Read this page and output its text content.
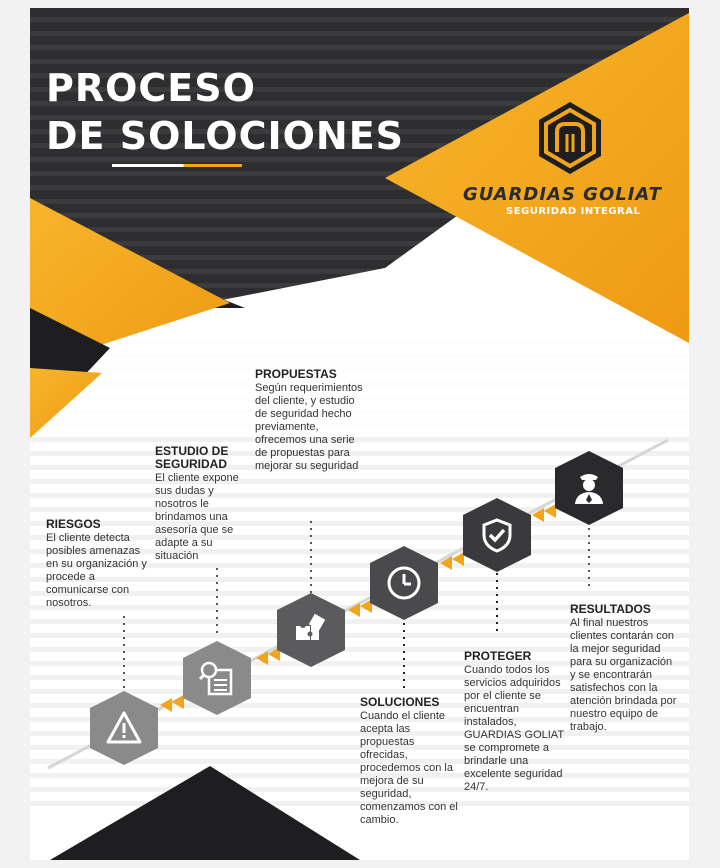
PROCESO
DE SOLOCIONES
GUARDIAS GOLIAT
SEGURIDAD INTEGRAL
RIESGOS
El cliente detecta posibles amenazas en su organización y procede a comunicarse con nosotros.
ESTUDIO DE SEGURIDAD
El cliente expone sus dudas y nosotros le brindamos una asesoría que se adapte a su situación
PROPUESTAS
Según requerimientos del cliente, y estudio de seguridad hecho previamente, ofrecemos una serie de propuestas para mejorar su seguridad
SOLUCIONES
Cuando el cliente acepta las propuestas ofrecidas, procedemos con la mejora de su seguridad, comenzamos con el cambio.
PROTEGER
Cuando todos los servicios adquiridos por el cliente se encuentran instalados, GUARDIAS GOLIAT se compromete a brindarle una excelente seguridad 24/7.
RESULTADOS
Al final nuestros clientes contarán con la mejor seguridad para su organización y se encontrarán satisfechos con la atención brindada por nuestro equipo de trabajo.
